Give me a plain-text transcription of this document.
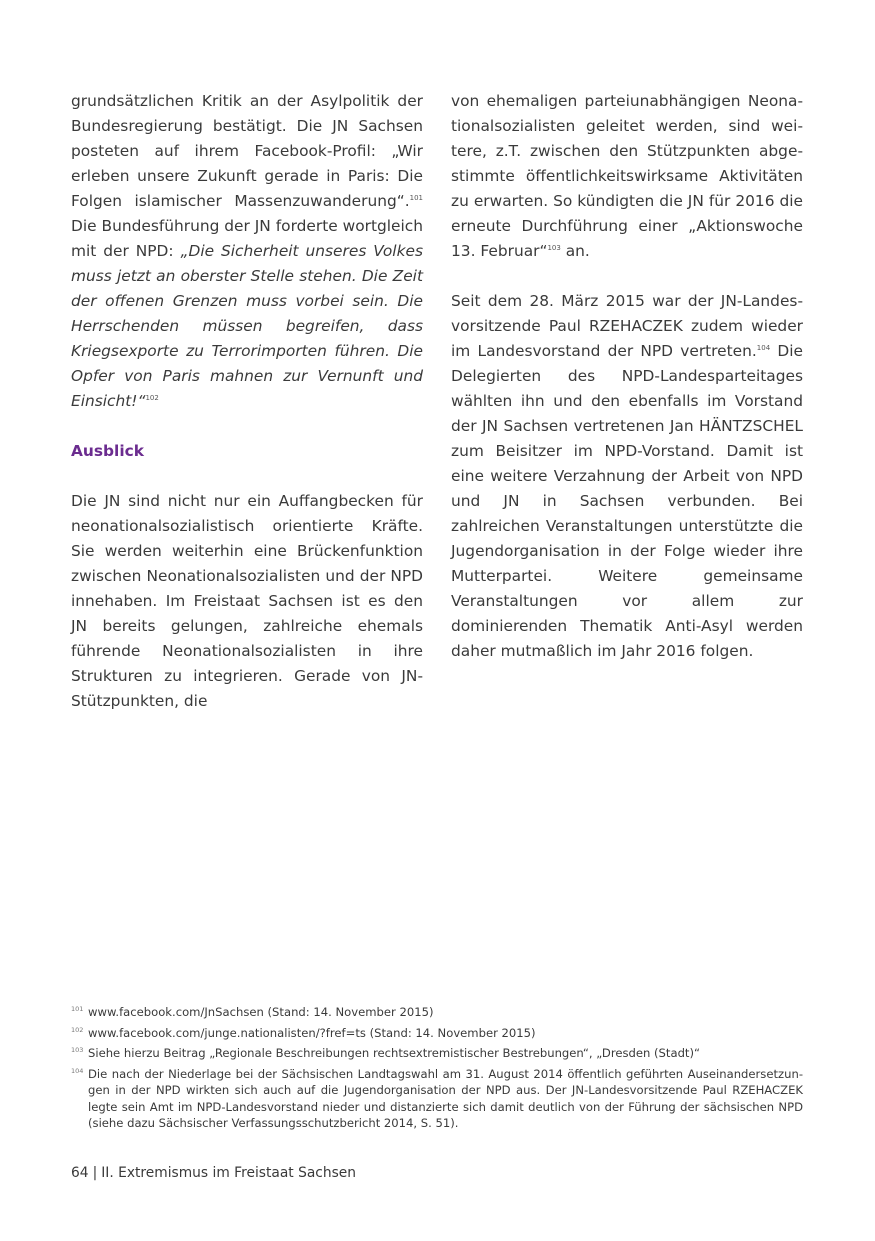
grundsätzlichen Kritik an der Asylpolitik der Bundesregierung bestätigt. Die JN Sachsen posteten auf ihrem Facebook-Profil: „Wir erleben unsere Zukunft gerade in Paris: Die Folgen islamischer Massenzuwanderung“.$^{101}$ Die Bundesführung der JN forderte wortgleich mit der NPD: „Die Sicherheit unseres Volkes muss jetzt an oberster Stelle stehen. Die Zeit der offenen Grenzen muss vorbei sein. Die Herrschenden müssen begreifen, dass Kriegsexporte zu Terrorimporten führen. Die Opfer von Paris mahnen zur Vernunft und Einsicht!“$^{102}$

Ausblick

Die JN sind nicht nur ein Auffangbecken für neonationalsozialistisch orientierte Kräfte. Sie werden weiterhin eine Brückenfunktion zwischen Neonationalsozialisten und der NPD innehaben. Im Freistaat Sachsen ist es den JN bereits gelungen, zahlreiche ehemals führende Neonationalsozialisten in ihre Strukturen zu integrieren. Gerade von JN-Stützpunkten, die

von ehemaligen parteiunabhängigen Neonationalsozialisten geleitet werden, sind weitere, z.T. zwischen den Stützpunkten abgestimmte öffentlichkeitswirksame Aktivitäten zu erwarten. So kündigten die JN für 2016 die erneute Durchführung einer „Aktionswoche 13. Februar“$^{103}$ an.

Seit dem 28. März 2015 war der JN-Landesvorsitzende Paul RZEHACZEK zudem wieder im Landesvorstand der NPD vertreten.$^{104}$ Die Delegierten des NPD-Landesparteitages wählten ihn und den ebenfalls im Vorstand der JN Sachsen vertretenen Jan HÄNTZSCHEL zum Beisitzer im NPD-Vorstand. Damit ist eine weitere Verzahnung der Arbeit von NPD und JN in Sachsen verbunden. Bei zahlreichen Veranstaltungen unterstützte die Jugendorganisation in der Folge wieder ihre Mutterpartei. Weitere gemeinsame Veranstaltungen vor allem zur dominierenden Thematik Anti-Asyl werden daher mutmaßlich im Jahr 2016 folgen.

101 www.facebook.com/JnSachsen (Stand: 14. November 2015)
102 www.facebook.com/junge.nationalisten/?fref=ts (Stand: 14. November 2015)
103 Siehe hierzu Beitrag „Regionale Beschreibungen rechtsextremistischer Bestrebungen“, „Dresden (Stadt)“
104 Die nach der Niederlage bei der Sächsischen Landtagswahl am 31. August 2014 öffentlich geführten Auseinandersetzungen in der NPD wirkten sich auch auf die Jugendorganisation der NPD aus. Der JN-Landesvorsitzende Paul RZEHACZEK legte sein Amt im NPD-Landesvorstand nieder und distanzierte sich damit deutlich von der Führung der sächsischen NPD (siehe dazu Sächsischer Verfassungsschutzbericht 2014, S. 51).
64 | II. Extremismus im Freistaat Sachsen
